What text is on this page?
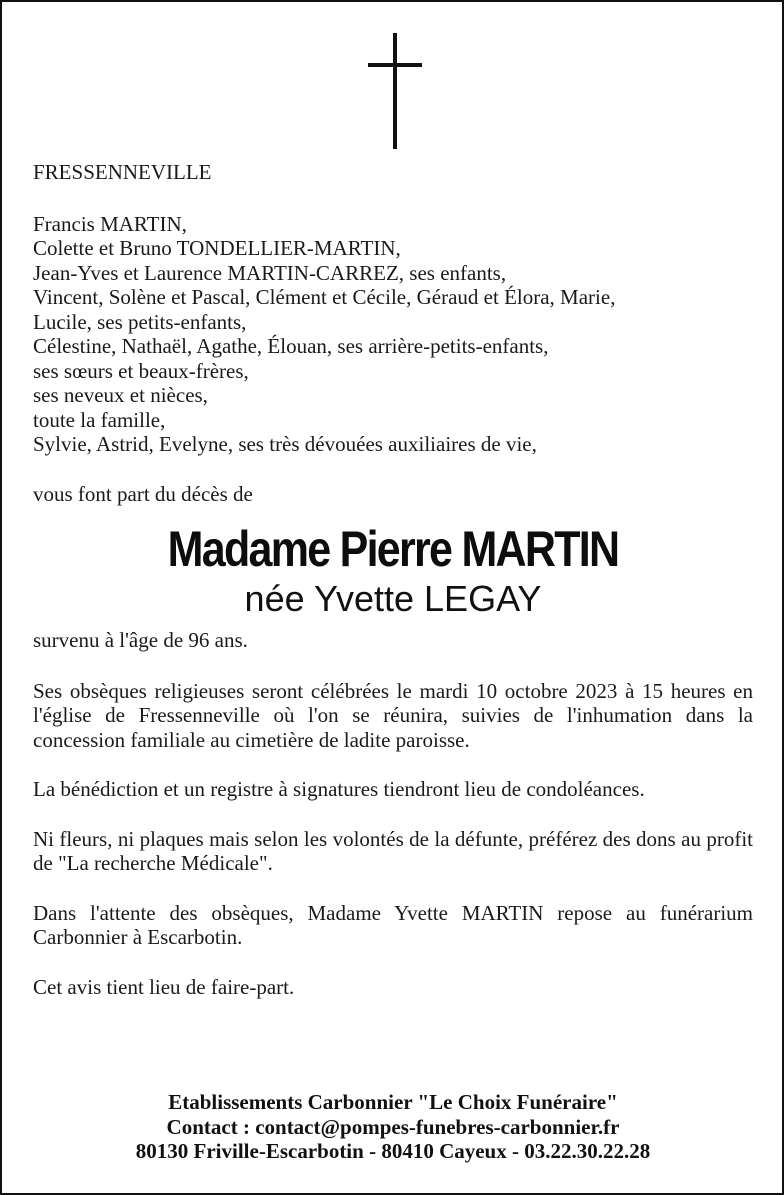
FRESSENNEVILLE

Francis MARTIN,
Colette et Bruno TONDELLIER-MARTIN,
Jean-Yves et Laurence MARTIN-CARREZ, ses enfants,
Vincent, Solène et Pascal, Clément et Cécile, Géraud et Élora, Marie,
Lucile, ses petits-enfants,
Célestine, Nathaël, Agathe, Élouan, ses arrière-petits-enfants,
ses sœurs et beaux-frères,
ses neveux et nièces,
toute la famille,
Sylvie, Astrid, Evelyne, ses très dévouées auxiliaires de vie,

vous font part du décès de

Madame Pierre MARTIN

née Yvette LEGAY

survenu à l'âge de 96 ans.

Ses obsèques religieuses seront célébrées le mardi 10 octobre 2023 à 15 heures en l'église de Fressenneville où l'on se réunira, suivies de l'inhumation dans la concession familiale au cimetière de ladite paroisse.

La bénédiction et un registre à signatures tiendront lieu de condoléances.

Ni fleurs, ni plaques mais selon les volontés de la défunte, préférez des dons au profit de "La recherche Médicale".

Dans l'attente des obsèques, Madame Yvette MARTIN repose au funérarium Carbonnier à Escarbotin.

Cet avis tient lieu de faire-part.

Etablissements Carbonnier "Le Choix Funéraire"
Contact : contact@pompes-funebres-carbonnier.fr
80130 Friville-Escarbotin - 80410 Cayeux - 03.22.30.22.28
